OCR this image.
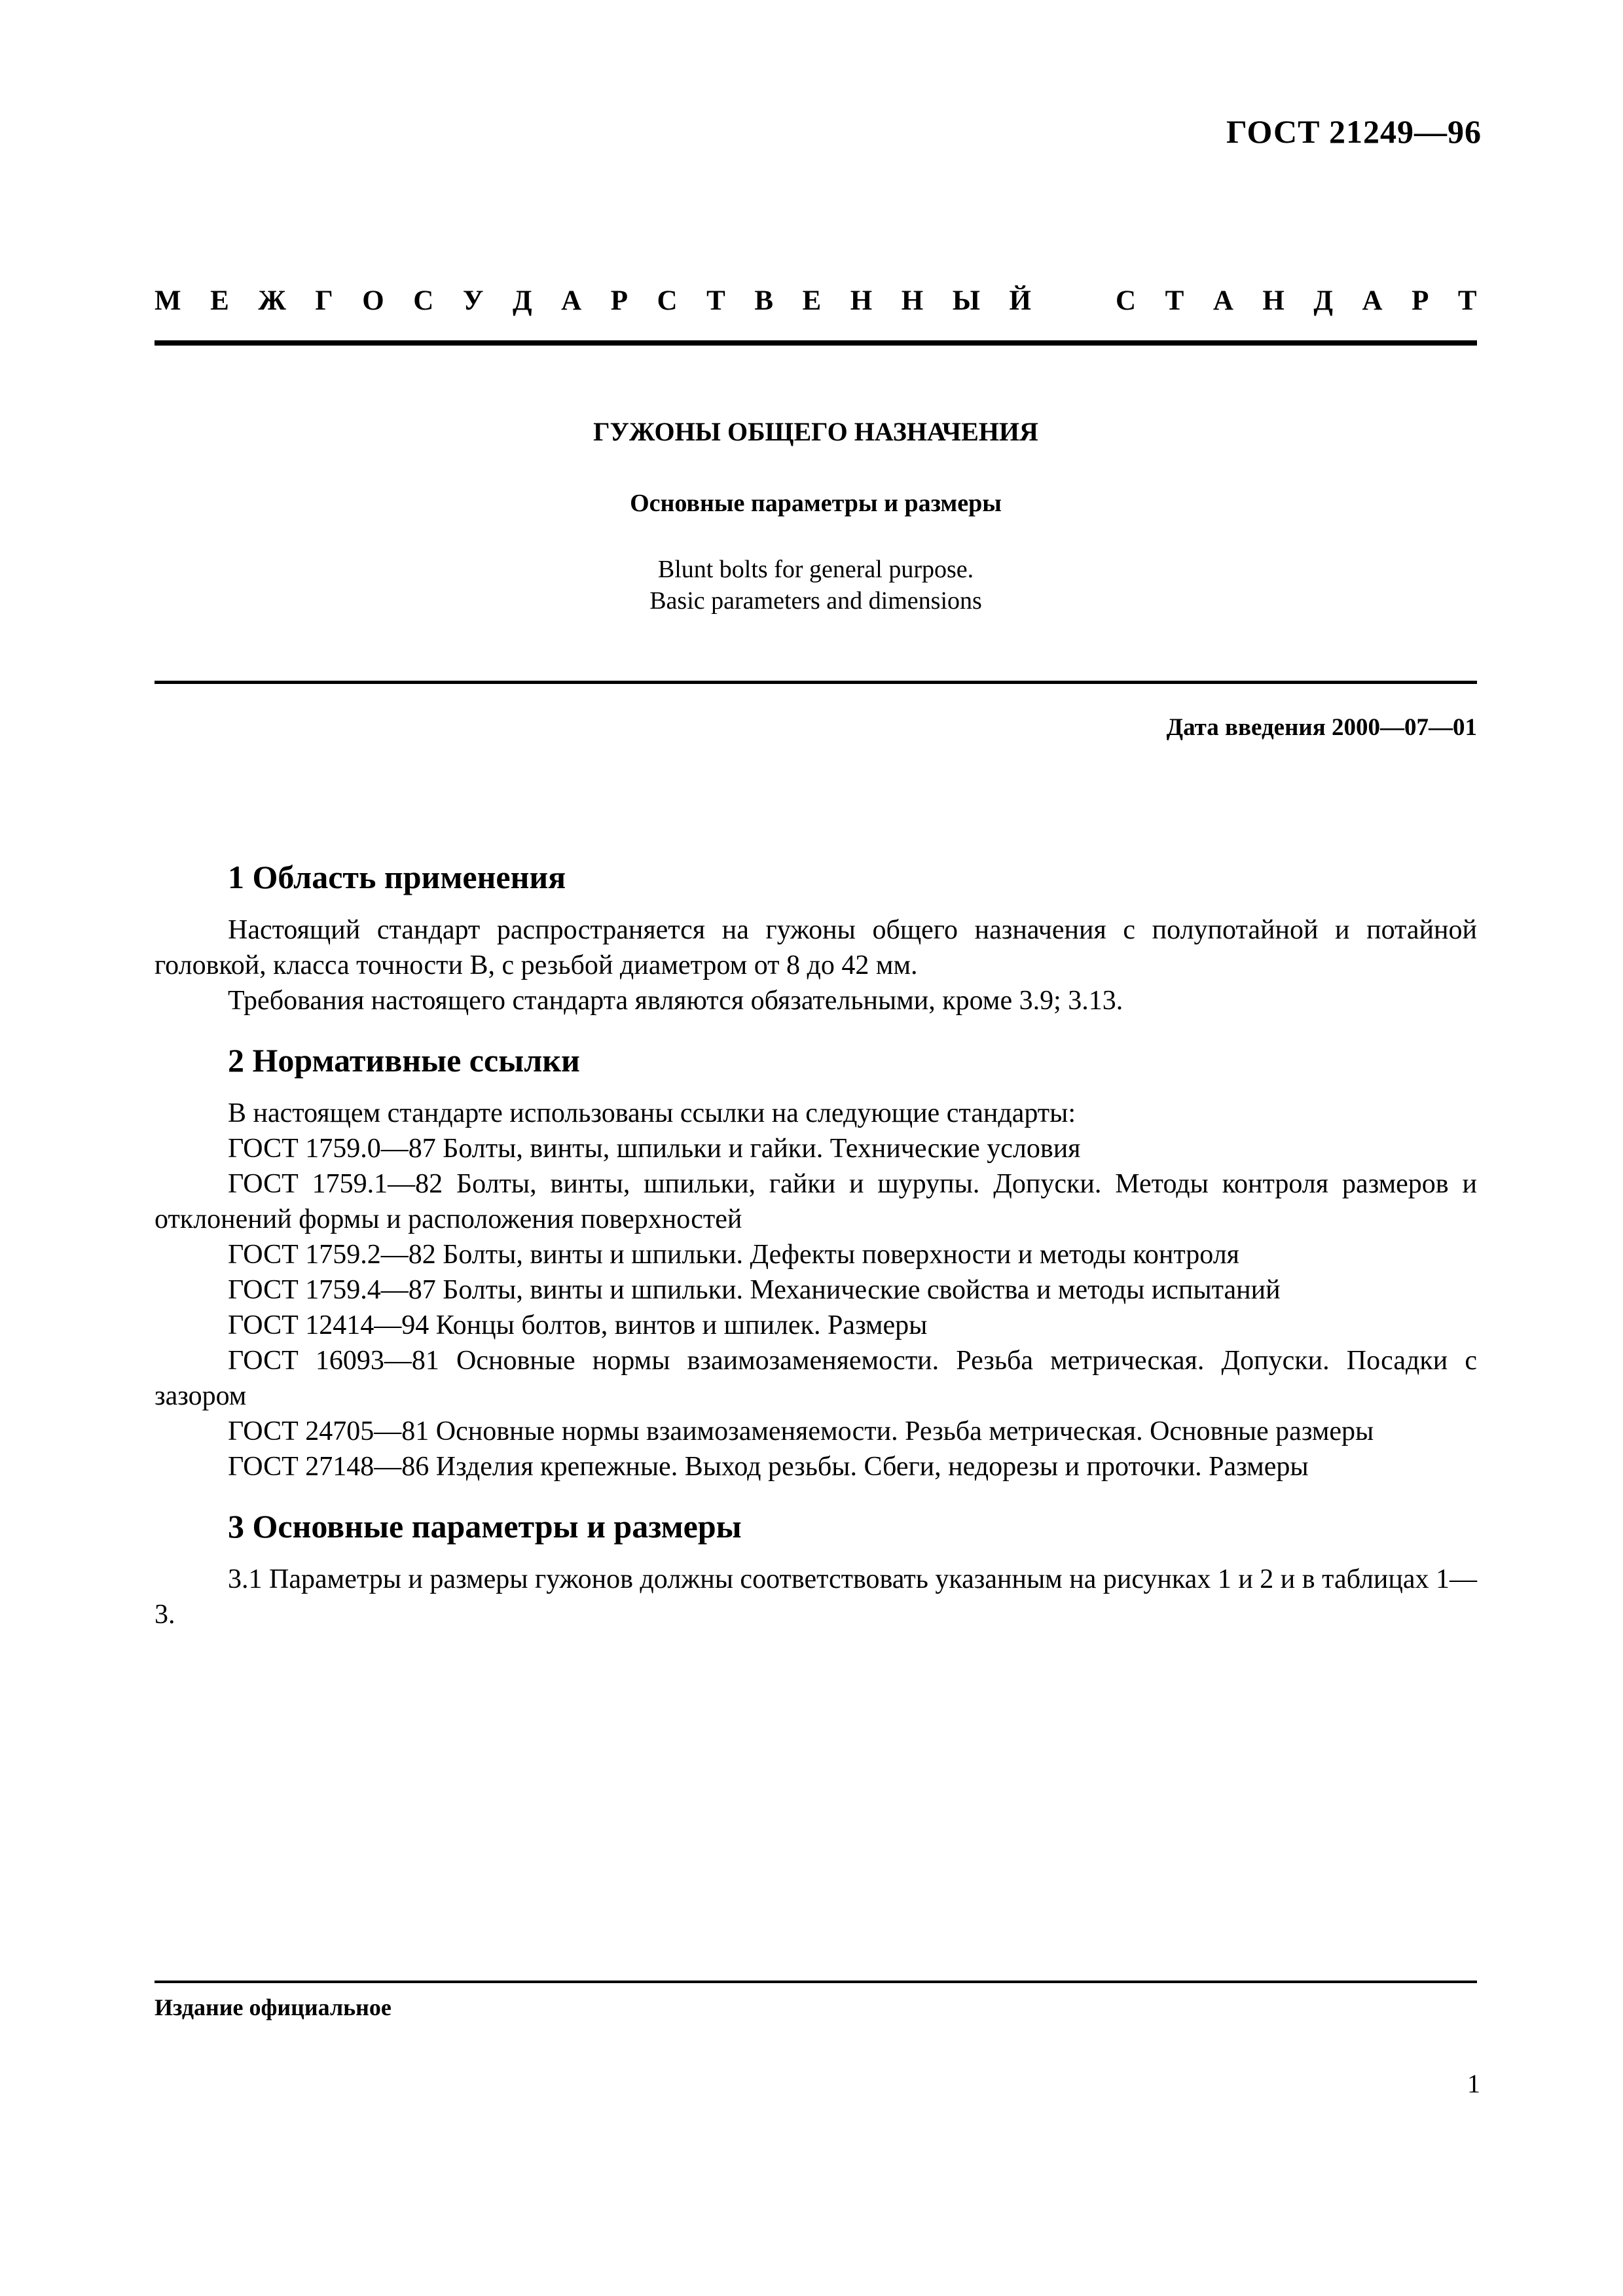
ГОСТ 21249—96
М Е Ж Г О С У Д А Р С Т В Е Н Н Ы Й	С Т А Н Д А Р Т
ГУЖОНЫ ОБЩЕГО НАЗНАЧЕНИЯ
Основные параметры и размеры
Blunt bolts for general purpose.
Basic parameters and dimensions
Дата введения 2000—07—01
1 Область применения

Настоящий стандарт распространяется на гужоны общего назначения с полупотайной и потайной головкой, класса точности В, с резьбой диаметром от 8 до 42 мм.

Требования настоящего стандарта являются обязательными, кроме 3.9; 3.13.

2 Нормативные ссылки

В настоящем стандарте использованы ссылки на следующие стандарты:

ГОСТ 1759.0—87 Болты, винты, шпильки и гайки. Технические условия

ГОСТ 1759.1—82 Болты, винты, шпильки, гайки и шурупы. Допуски. Методы контроля размеров и отклонений формы и расположения поверхностей

ГОСТ 1759.2—82 Болты, винты и шпильки. Дефекты поверхности и методы контроля

ГОСТ 1759.4—87 Болты, винты и шпильки. Механические свойства и методы испытаний

ГОСТ 12414—94 Концы болтов, винтов и шпилек. Размеры

ГОСТ 16093—81 Основные нормы взаимозаменяемости. Резьба метрическая. Допуски. Посадки с зазором

ГОСТ 24705—81 Основные нормы взаимозаменяемости. Резьба метрическая. Основные размеры

ГОСТ 27148—86 Изделия крепежные. Выход резьбы. Сбеги, недорезы и проточки. Размеры

3 Основные параметры и размеры

3.1 Параметры и размеры гужонов должны соответствовать указанным на рисунках 1 и 2 и в таблицах 1—3.

Издание официальное
1
